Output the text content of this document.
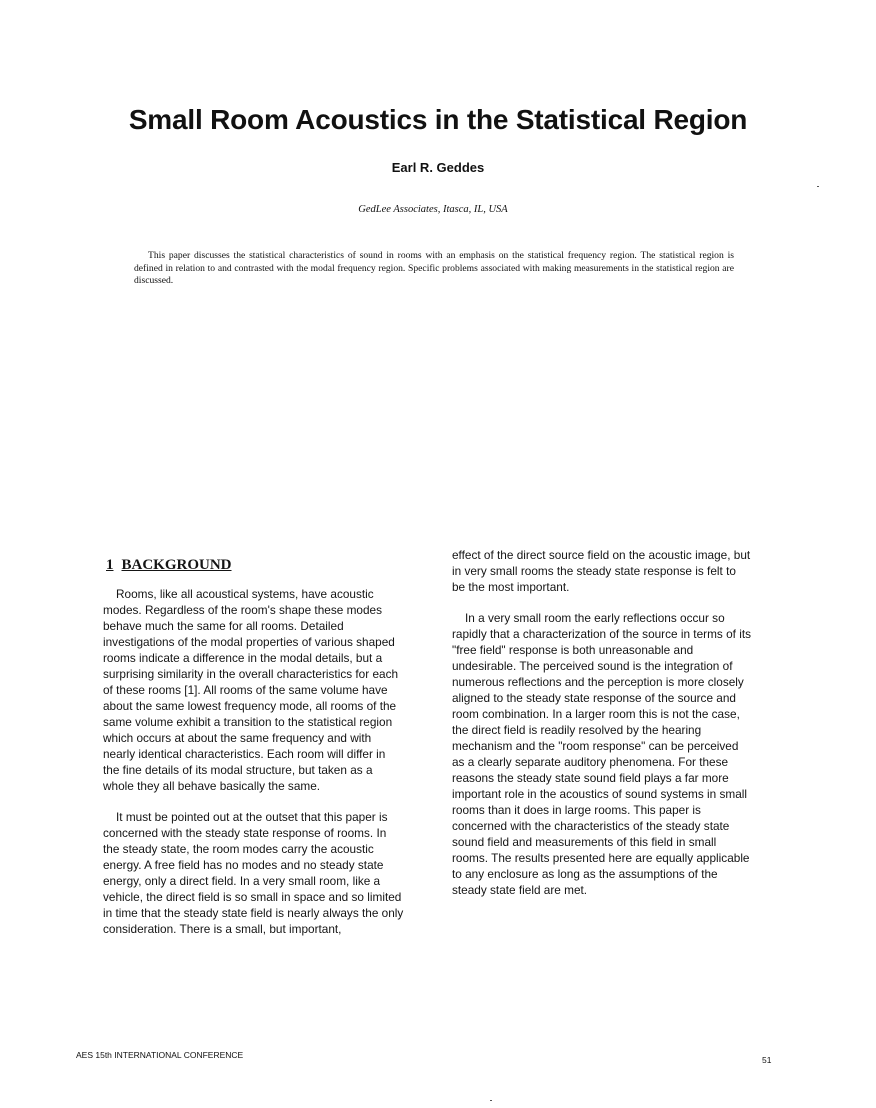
Small Room Acoustics in the Statistical Region

Earl R. Geddes

GedLee Associates, Itasca, IL, USA

This paper discusses the statistical characteristics of sound in rooms with an emphasis on the statistical frequency region. The statistical region is defined in relation to and contrasted with the modal frequency region. Specific problems associated with making measurements in the statistical region are discussed.

1 BACKGROUND

Rooms, like all acoustical systems, have acoustic modes. Regardless of the room's shape these modes behave much the same for all rooms. Detailed investigations of the modal properties of various shaped rooms indicate a difference in the modal details, but a surprising similarity in the overall characteristics for each of these rooms [1]. All rooms of the same volume have about the same lowest frequency mode, all rooms of the same volume exhibit a transition to the statistical region which occurs at about the same frequency and with nearly identical characteristics. Each room will differ in the fine details of its modal structure, but taken as a whole they all behave basically the same.

It must be pointed out at the outset that this paper is concerned with the steady state response of rooms. In the steady state, the room modes carry the acoustic energy. A free field has no modes and no steady state energy, only a direct field. In a very small room, like a vehicle, the direct field is so small in space and so limited in time that the steady state field is nearly always the only consideration. There is a small, but important,

effect of the direct source field on the acoustic image, but in very small rooms the steady state response is felt to be the most important.

In a very small room the early reflections occur so rapidly that a characterization of the source in terms of its "free field" response is both unreasonable and undesirable. The perceived sound is the integration of numerous reflections and the perception is more closely aligned to the steady state response of the source and room combination. In a larger room this is not the case, the direct field is readily resolved by the hearing mechanism and the "room response" can be perceived as a clearly separate auditory phenomena. For these reasons the steady state sound field plays a far more important role in the acoustics of sound systems in small rooms than it does in large rooms. This paper is concerned with the characteristics of the steady state sound field and measurements of this field in small rooms. The results presented here are equally applicable to any enclosure as long as the assumptions of the steady state field are met.

AES 15th INTERNATIONAL CONFERENCE	51
